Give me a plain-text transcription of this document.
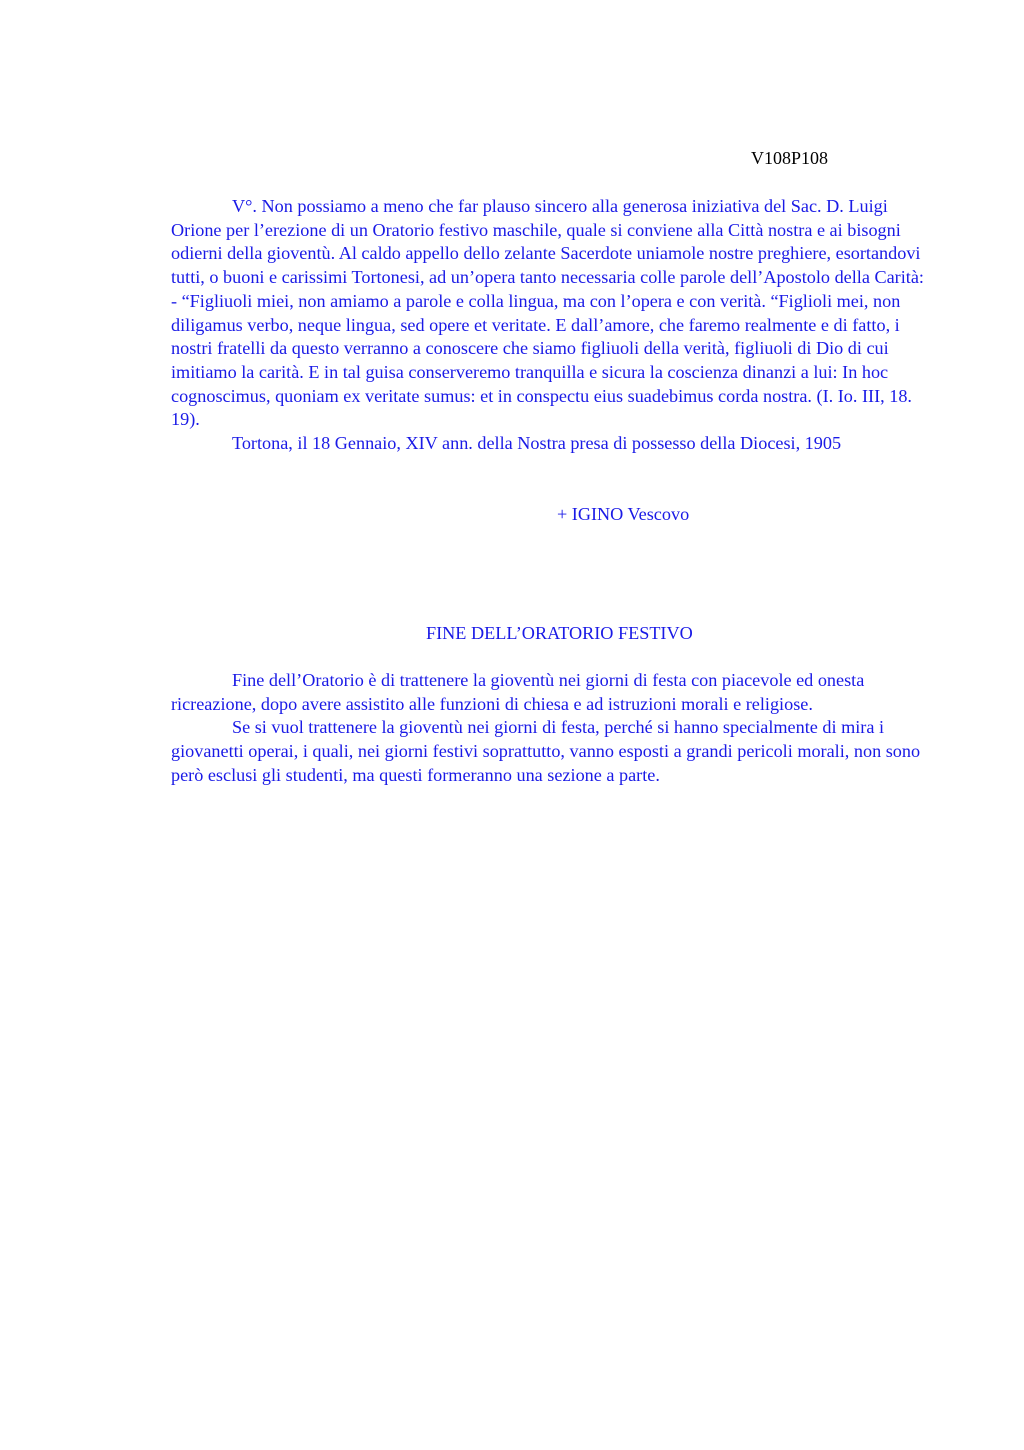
V108P108

V°. Non possiamo a meno che far plauso sincero alla generosa iniziativa del Sac. D. Luigi Orione per l’erezione di un Oratorio festivo maschile, quale si conviene alla Città nostra e ai bisogni odierni della gioventù. Al caldo appello dello zelante Sacerdote uniamole nostre preghiere, esortandovi tutti, o buoni e carissimi Tortonesi, ad un’opera tanto necessaria colle parole dell’Apostolo della Carità: - “Figliuoli miei, non amiamo a parole e colla lingua, ma con l’opera e con verità. “Figlioli mei, non diligamus verbo, neque lingua, sed opere et veritate. E dall’amore, che faremo realmente e di fatto, i nostri fratelli da questo verranno a conoscere che siamo figliuoli della verità, figliuoli di Dio di cui imitiamo la carità. E in tal guisa conserveremo tranquilla e sicura la coscienza dinanzi a lui: In hoc cognoscimus, quoniam ex veritate sumus: et in conspectu eius suadebimus corda nostra. (I. Io. III, 18. 19).

Tortona, il 18 Gennaio, XIV ann. della Nostra presa di possesso della Diocesi, 1905

+ IGINO Vescovo
FINE DELL’ORATORIO FESTIVO

Fine dell’Oratorio è di trattenere la gioventù nei giorni di festa con piacevole ed onesta ricreazione, dopo avere assistito alle funzioni di chiesa e ad istruzioni morali e religiose.

Se si vuol trattenere la gioventù nei giorni di festa, perché si hanno specialmente di mira i giovanetti operai, i quali, nei giorni festivi soprattutto, vanno esposti a grandi pericoli morali, non sono però esclusi gli studenti, ma questi formeranno una sezione a parte.
